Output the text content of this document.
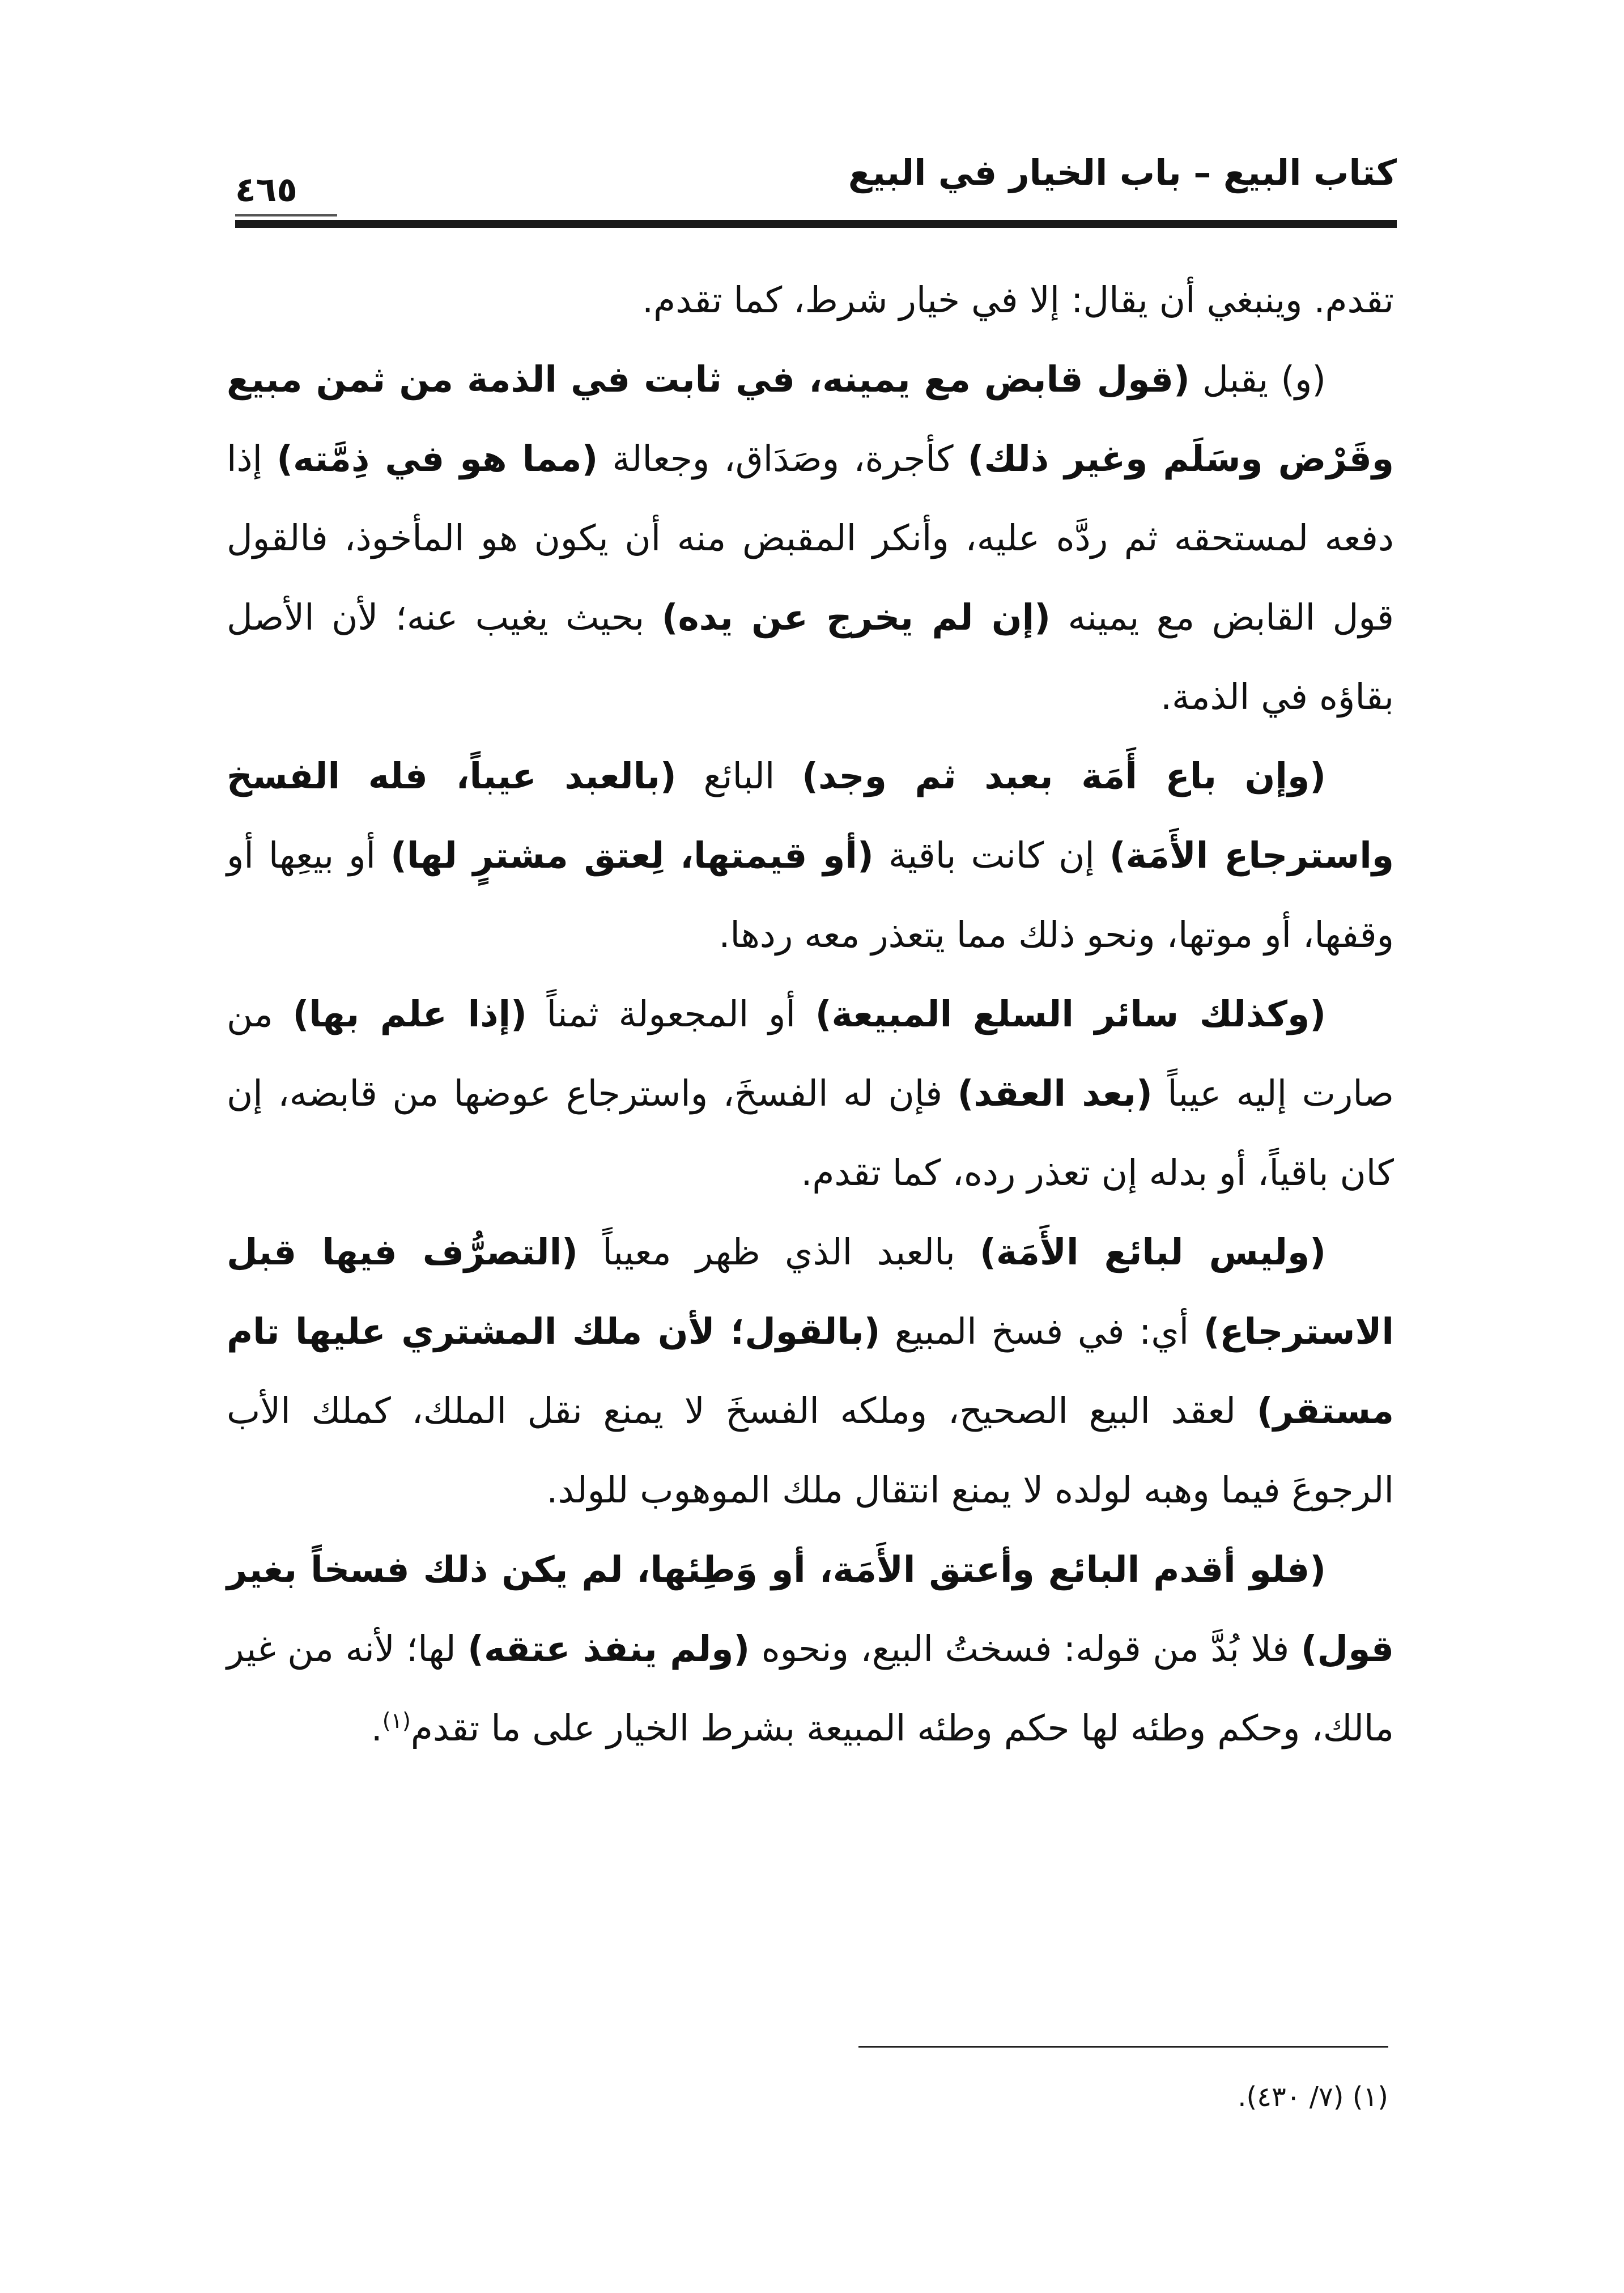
كتاب البيع – باب الخيار في البيع
٤٦٥

تقدم. وينبغي أن يقال: إلا في خيار شرط، كما تقدم.

(و) يقبل (قول قابض مع يمينه، في ثابت في الذمة من ثمن مبيع وقَرْض وسَلَم وغير ذلك) كأجرة، وصَدَاق، وجعالة (مما هو في ذِمَّته) إذا دفعه لمستحقه ثم ردَّه عليه، وأنكر المقبض منه أن يكون هو المأخوذ، فالقول قول القابض مع يمينه (إن لم يخرج عن يده) بحيث يغيب عنه؛ لأن الأصل بقاؤه في الذمة.

(وإن باع أَمَة بعبد ثم وجد) البائع (بالعبد عيباً، فله الفسخ واسترجاع الأَمَة) إن كانت باقية (أو قيمتها، لِعتق مشترٍ لها) أو بيعِها أو وقفها، أو موتها، ونحو ذلك مما يتعذر معه ردها.

(وكذلك سائر السلع المبيعة) أو المجعولة ثمناً (إذا علم بها) من صارت إليه عيباً (بعد العقد) فإن له الفسخَ، واسترجاع عوضها من قابضه، إن كان باقياً، أو بدله إن تعذر رده، كما تقدم.

(وليس لبائع الأَمَة) بالعبد الذي ظهر معيباً (التصرُّف فيها قبل الاسترجاع) أي: في فسخ المبيع (بالقول؛ لأن ملك المشتري عليها تام مستقر) لعقد البيع الصحيح، وملكه الفسخَ لا يمنع نقل الملك، كملك الأب الرجوعَ فيما وهبه لولده لا يمنع انتقال ملك الموهوب للولد.

(فلو أقدم البائع وأعتق الأَمَة، أو وَطِئها، لم يكن ذلك فسخاً بغير قول) فلا بُدَّ من قوله: فسختُ البيع، ونحوه (ولم ينفذ عتقه) لها؛ لأنه من غير مالك، وحكم وطئه لها حكم وطئه المبيعة بشرط الخيار على ما تقدم$^{(١)}$.

(١) (٧/ ٤٣٠).
